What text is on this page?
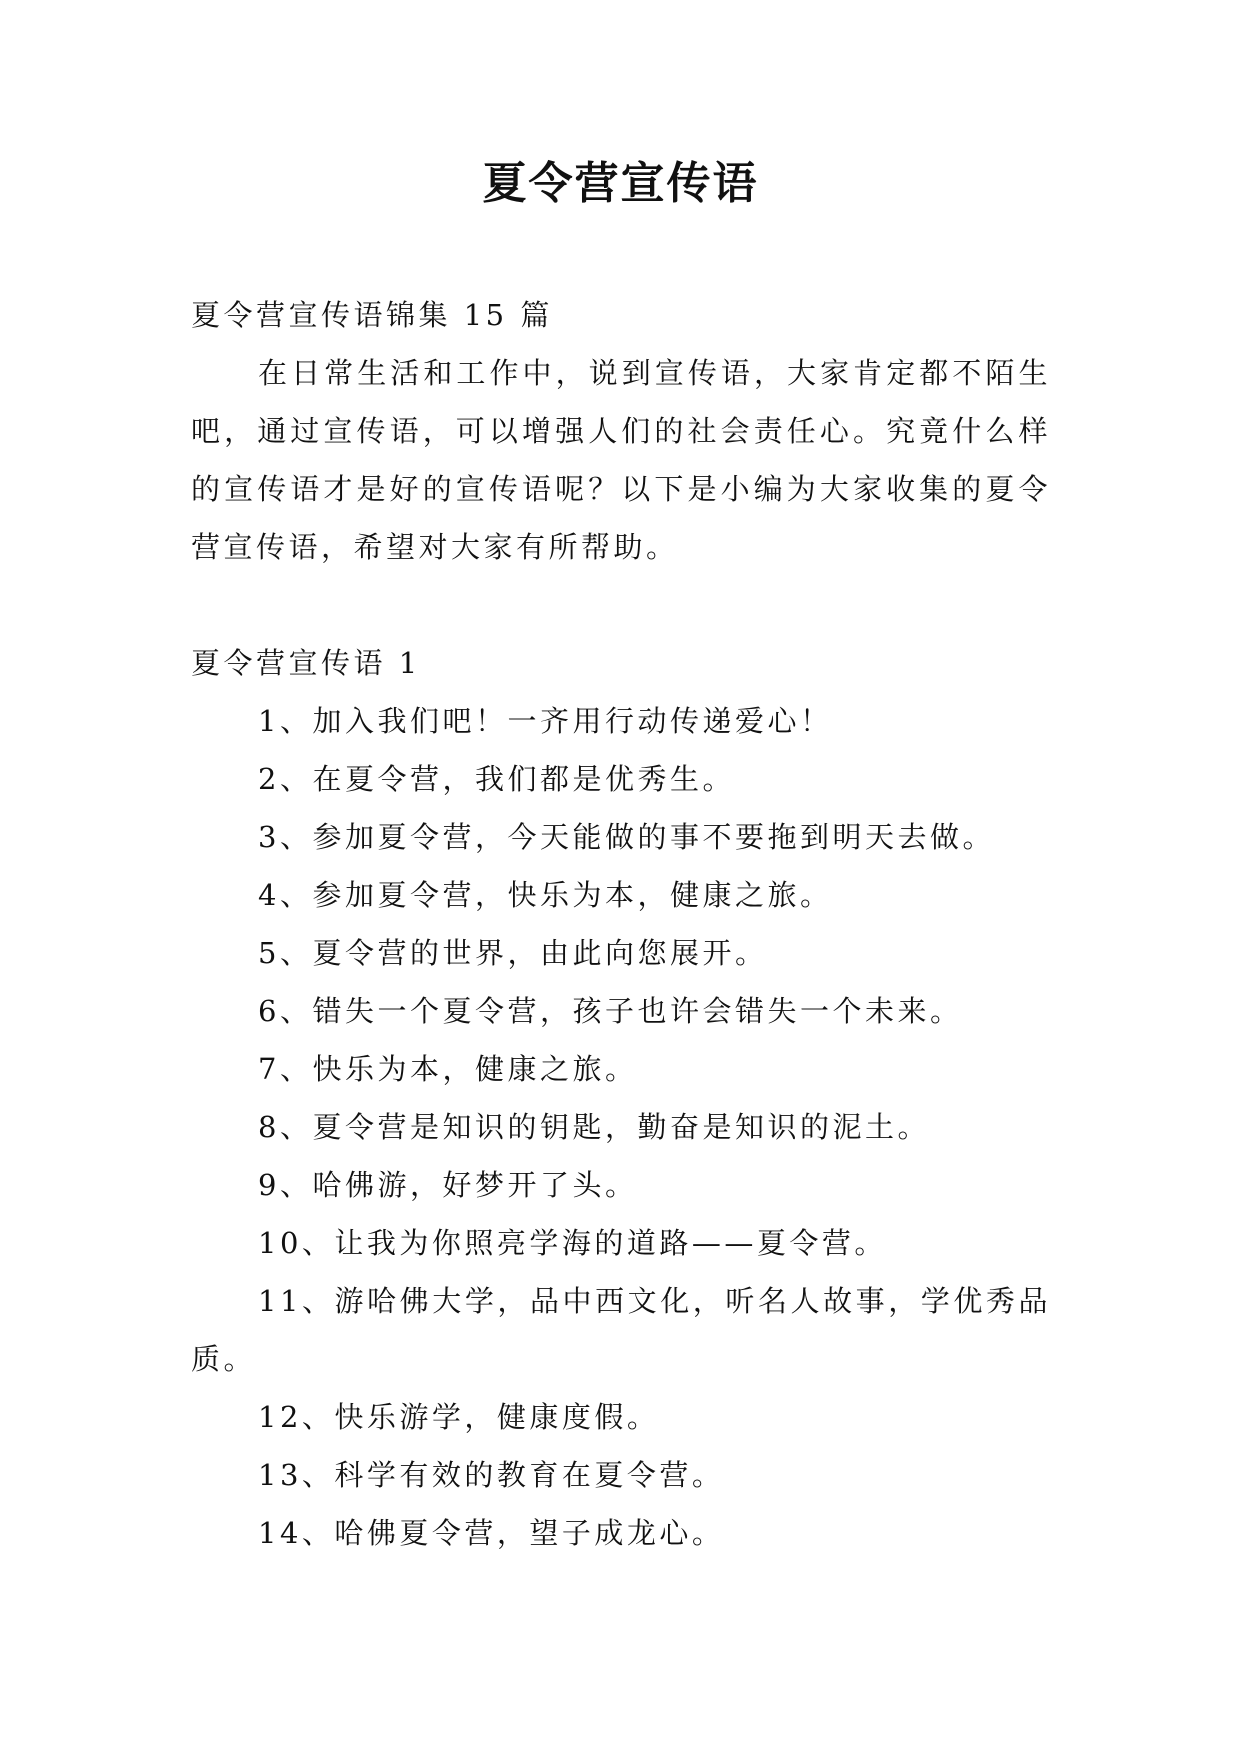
夏令营宣传语

夏令营宣传语锦集 15 篇

在日常生活和工作中，说到宣传语，大家肯定都不陌生吧，通过宣传语，可以增强人们的社会责任心。究竟什么样的宣传语才是好的宣传语呢？以下是小编为大家收集的夏令营宣传语，希望对大家有所帮助。

夏令营宣传语 1

1、加入我们吧！一齐用行动传递爱心！

2、在夏令营，我们都是优秀生。

3、参加夏令营，今天能做的事不要拖到明天去做。

4、参加夏令营，快乐为本，健康之旅。

5、夏令营的世界，由此向您展开。

6、错失一个夏令营，孩子也许会错失一个未来。

7、快乐为本，健康之旅。

8、夏令营是知识的钥匙，勤奋是知识的泥土。

9、哈佛游，好梦开了头。

10、让我为你照亮学海的道路——夏令营。

11、游哈佛大学，品中西文化，听名人故事，学优秀品质。

12、快乐游学，健康度假。

13、科学有效的教育在夏令营。

14、哈佛夏令营，望子成龙心。
